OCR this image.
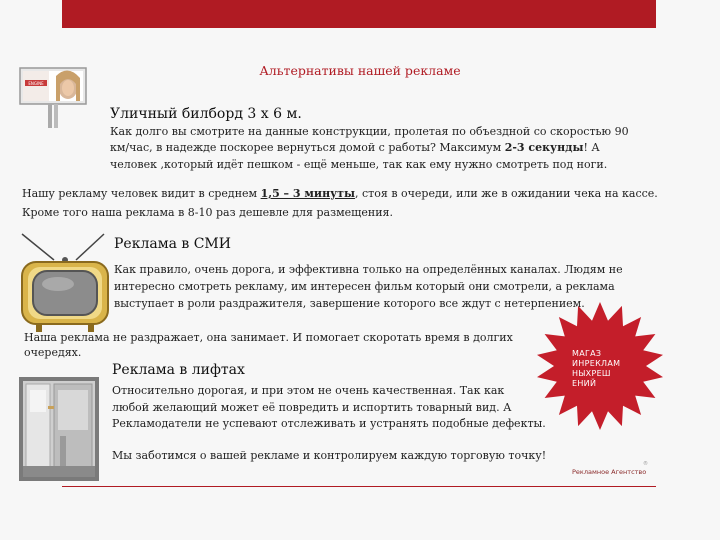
Альтернативы нашей рекламе
ENGINE
Уличный билборд 3 х 6 м.
Как долго вы смотрите на данные конструкции, пролетая по объездной со скоростью 90
км/час, в надежде поскорее вернуться домой с работы? Максимум 2-3 секунды! А
человек ,который идёт пешком - ещё меньше, так как ему нужно смотреть под ноги.
Нашу рекламу человек видит в среднем 1,5 – 3 минуты, стоя в очереди, или же в ожидании чека на кассе.
Кроме того наша реклама в 8-10 раз дешевле для размещения.
Реклама в СМИ
Как правило, очень дорога, и эффективна только на определённых каналах. Людям не
интересно смотреть рекламу, им интересен фильм который они смотрели, а реклама
выступает в роли раздражителя, завершение которого все ждут с нетерпением.
Наша реклама не раздражает, она занимает. И помогает скоротать время в долгих
очередях.
Реклама в лифтах
Относительно дорогая, и при этом не очень качественная. Так как
любой желающий может её повредить и испортить товарный вид. А
Рекламодатели не успевают отслеживать и устранять подобные дефекты.
Мы заботимся о вашей рекламе и контролируем каждую торговую точку!
МАГАЗ
ИНРЕКЛАМ
НЫХРЕШ
ЕНИЙ
Рекламное Агентство
®
